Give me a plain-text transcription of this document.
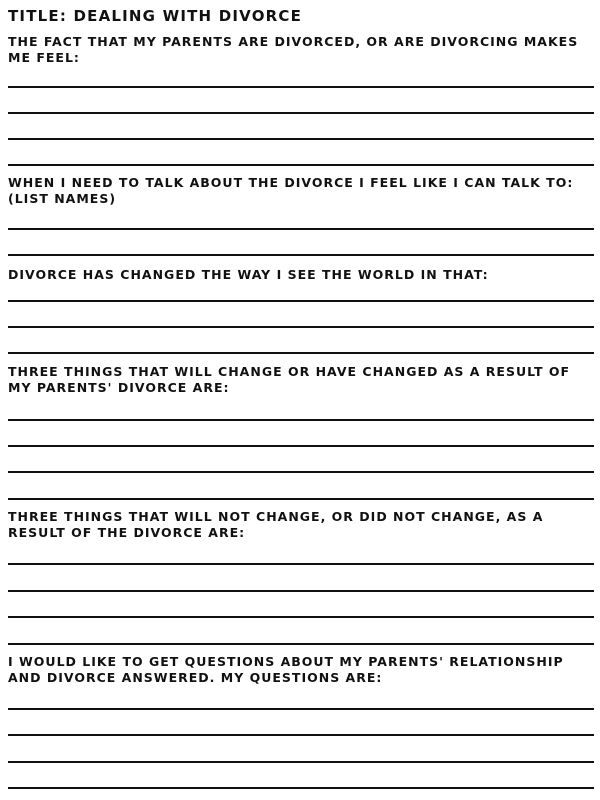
TITLE: DEALING WITH DIVORCE
THE FACT THAT MY PARENTS ARE DIVORCED, OR ARE DIVORCING MAKES ME FEEL:
WHEN I NEED TO TALK ABOUT THE DIVORCE I FEEL LIKE I CAN TALK TO: (LIST NAMES)
DIVORCE HAS CHANGED THE WAY I SEE THE WORLD IN THAT:
THREE THINGS THAT WILL CHANGE OR HAVE CHANGED AS A RESULT OF MY PARENTS' DIVORCE ARE:
THREE THINGS THAT WILL NOT CHANGE, OR DID NOT CHANGE, AS A RESULT OF THE DIVORCE ARE:
I WOULD LIKE TO GET QUESTIONS ABOUT MY PARENTS' RELATIONSHIP AND DIVORCE ANSWERED. MY QUESTIONS ARE:
